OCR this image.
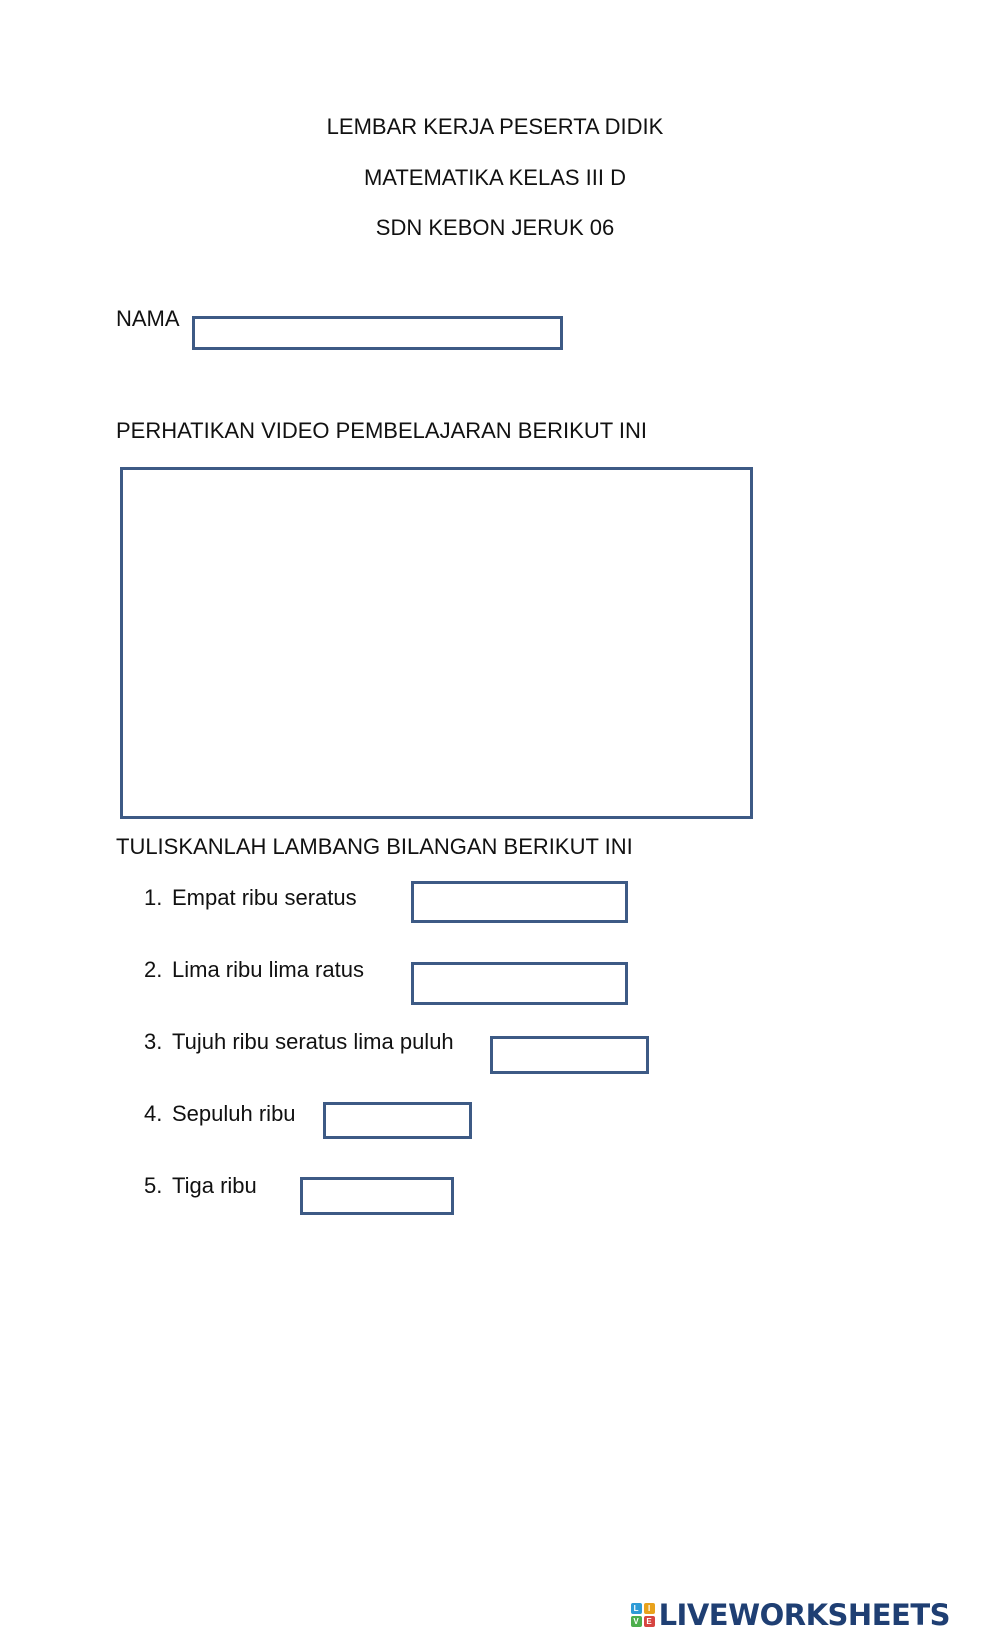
LEMBAR KERJA PESERTA DIDIK
MATEMATIKA KELAS III D
SDN KEBON JERUK 06
NAMA
PERHATIKAN VIDEO PEMBELAJARAN BERIKUT INI
TULISKANLAH LAMBANG BILANGAN BERIKUT INI
1. Empat ribu seratus
2. Lima ribu lima ratus
3. Tujuh ribu seratus lima puluh
4. Sepuluh ribu
5. Tiga ribu
L	I
V E LIVEWORKSHEETS
